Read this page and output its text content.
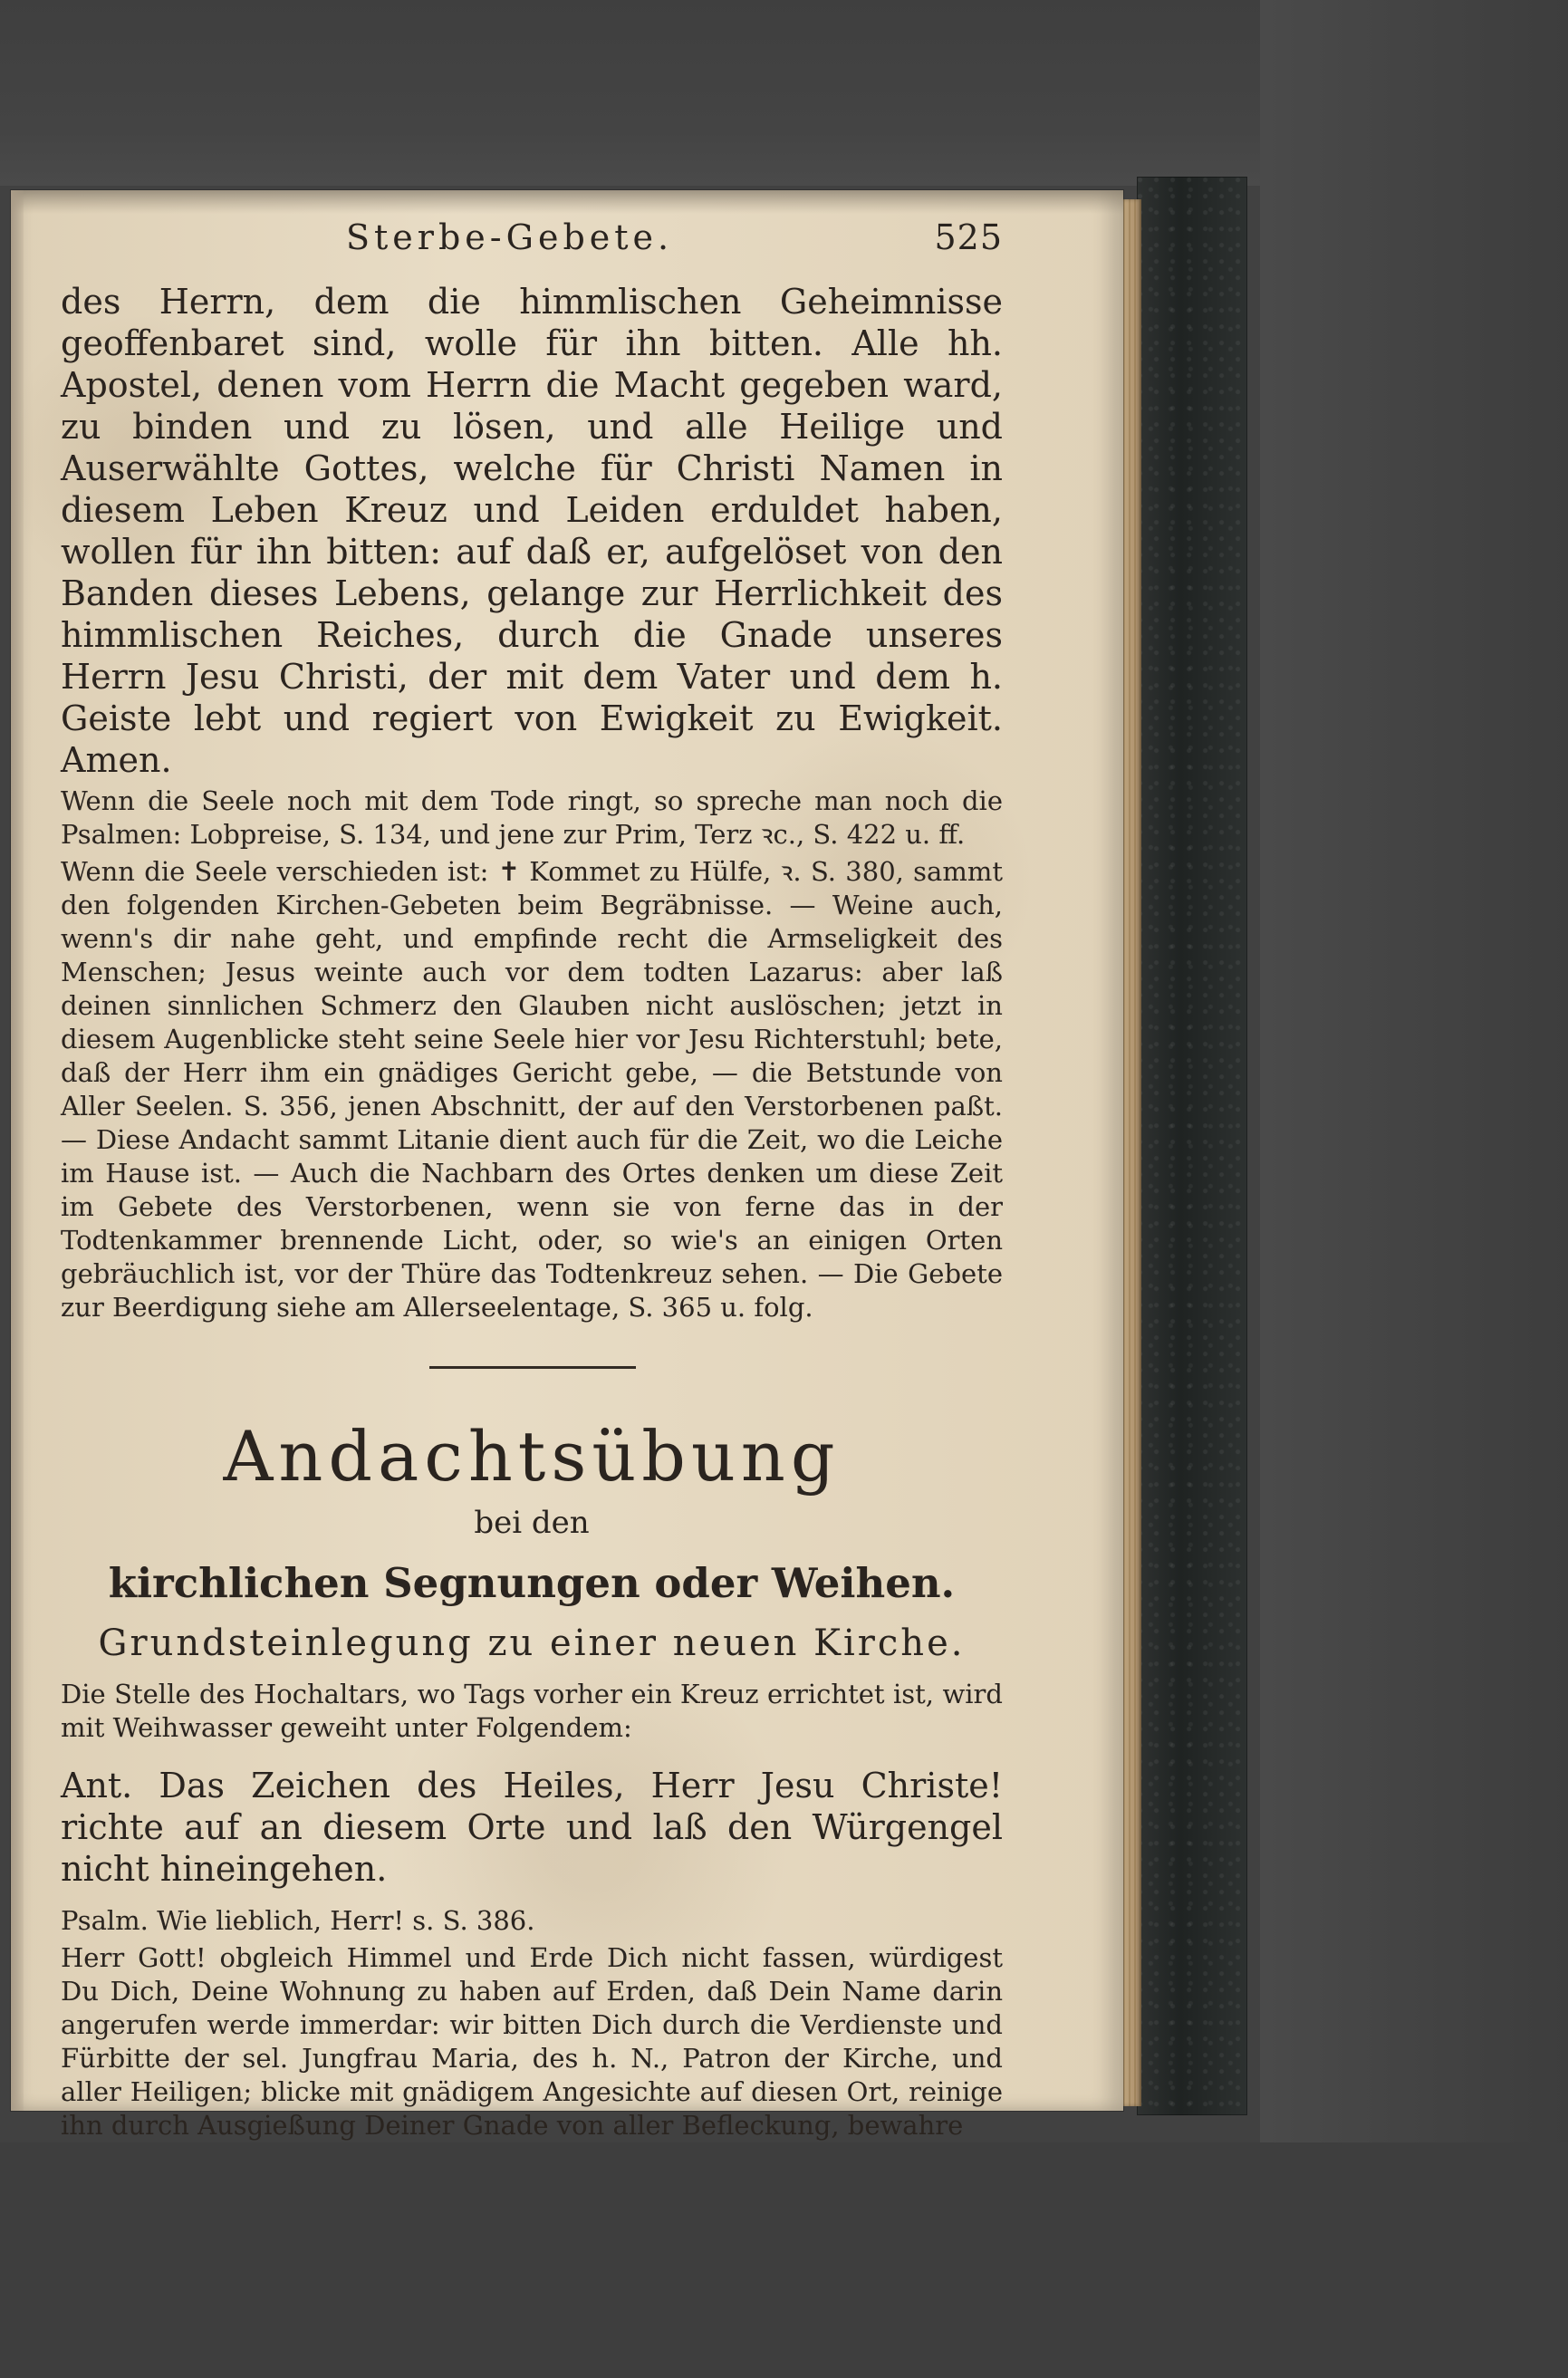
Sterbe-Gebete.	525

des Herrn, dem die himmlischen Geheimnisse geoffenbaret sind, wolle für ihn bitten. Alle hh. Apostel, denen vom Herrn die Macht gegeben ward, zu binden und zu lösen, und alle Heilige und Auserwählte Gottes, welche für Christi Namen in diesem Leben Kreuz und Leiden erduldet haben, wollen für ihn bitten: auf daß er, aufgelöset von den Banden dieses Lebens, gelange zur Herrlichkeit des himmlischen Reiches, durch die Gnade unseres Herrn Jesu Christi, der mit dem Vater und dem h. Geiste lebt und regiert von Ewigkeit zu Ewigkeit. Amen.

Wenn die Seele noch mit dem Tode ringt, so spreche man noch die Psalmen: Lobpreise, S. 134, und jene zur Prim, Terz ꝛc., S. 422 u. ff.

Wenn die Seele verschieden ist: ✝ Kommet zu Hülfe, ꝛ. S. 380, sammt den folgenden Kirchen-Gebeten beim Begräbnisse. — Weine auch, wenn's dir nahe geht, und empfinde recht die Armseligkeit des Menschen; Jesus weinte auch vor dem todten Lazarus: aber laß deinen sinnlichen Schmerz den Glauben nicht auslöschen; jetzt in diesem Augenblicke steht seine Seele hier vor Jesu Richterstuhl; bete, daß der Herr ihm ein gnädiges Gericht gebe, — die Betstunde von Aller Seelen. S. 356, jenen Abschnitt, der auf den Verstorbenen paßt. — Diese Andacht sammt Litanie dient auch für die Zeit, wo die Leiche im Hause ist. — Auch die Nachbarn des Ortes denken um diese Zeit im Gebete des Verstorbenen, wenn sie von ferne das in der Todtenkammer brennende Licht, oder, so wie's an einigen Orten gebräuchlich ist, vor der Thüre das Todtenkreuz sehen. — Die Gebete zur Beerdigung siehe am Allerseelentage, S. 365 u. folg.

Andachtsübung
bei den
kirchlichen Segnungen oder Weihen.
Grundsteinlegung zu einer neuen Kirche.

Die Stelle des Hochaltars, wo Tags vorher ein Kreuz errichtet ist, wird mit Weihwasser geweiht unter Folgendem:

Ant. Das Zeichen des Heiles, Herr Jesu Christe! richte auf an diesem Orte und laß den Würgengel nicht hineingehen.

Psalm. Wie lieblich, Herr! s. S. 386.

Herr Gott! obgleich Himmel und Erde Dich nicht fassen, würdigest Du Dich, Deine Wohnung zu haben auf Erden, daß Dein Name darin angerufen werde immerdar: wir bitten Dich durch die Verdienste und Fürbitte der sel. Jungfrau Maria, des h. N., Patron der Kirche, und aller Heiligen; blicke mit gnädigem Angesichte auf diesen Ort, reinige ihn durch Ausgießung Deiner Gnade von aller Befleckung, bewahre
